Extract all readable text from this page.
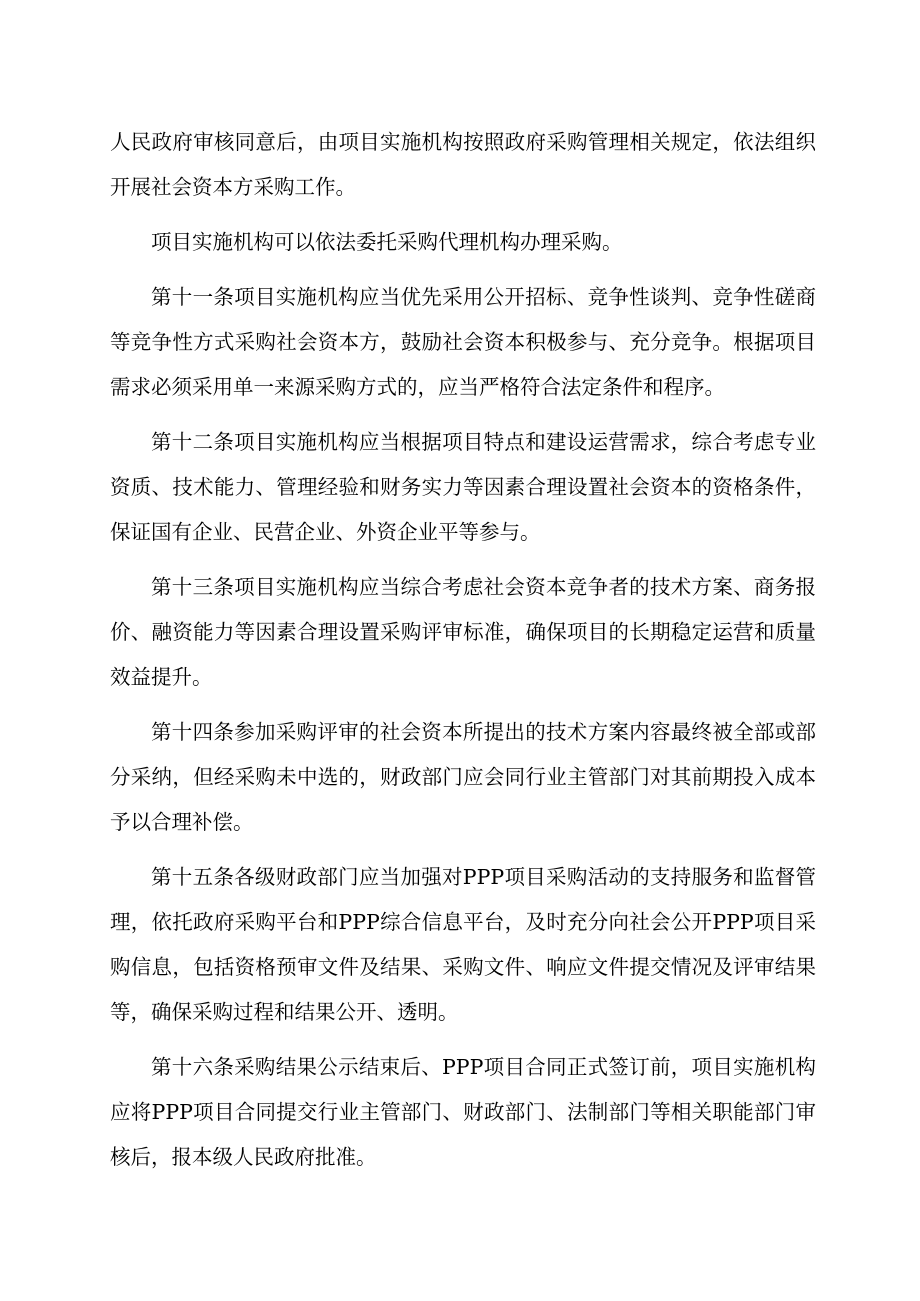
人民政府审核同意后，由项目实施机构按照政府采购管理相关规定，依法组织开展社会资本方采购工作。

项目实施机构可以依法委托采购代理机构办理采购。

第十一条项目实施机构应当优先采用公开招标、竞争性谈判、竞争性磋商等竞争性方式采购社会资本方，鼓励社会资本积极参与、充分竞争。根据项目需求必须采用单一来源采购方式的，应当严格符合法定条件和程序。

第十二条项目实施机构应当根据项目特点和建设运营需求，综合考虑专业资质、技术能力、管理经验和财务实力等因素合理设置社会资本的资格条件，保证国有企业、民营企业、外资企业平等参与。

第十三条项目实施机构应当综合考虑社会资本竞争者的技术方案、商务报价、融资能力等因素合理设置采购评审标准，确保项目的长期稳定运营和质量效益提升。

第十四条参加采购评审的社会资本所提出的技术方案内容最终被全部或部分采纳，但经采购未中选的，财政部门应会同行业主管部门对其前期投入成本予以合理补偿。

第十五条各级财政部门应当加强对PPP项目采购活动的支持服务和监督管理，依托政府采购平台和PPP综合信息平台，及时充分向社会公开PPP项目采购信息，包括资格预审文件及结果、采购文件、响应文件提交情况及评审结果等，确保采购过程和结果公开、透明。

第十六条采购结果公示结束后、PPP项目合同正式签订前，项目实施机构应将PPP项目合同提交行业主管部门、财政部门、法制部门等相关职能部门审核后，报本级人民政府批准。
